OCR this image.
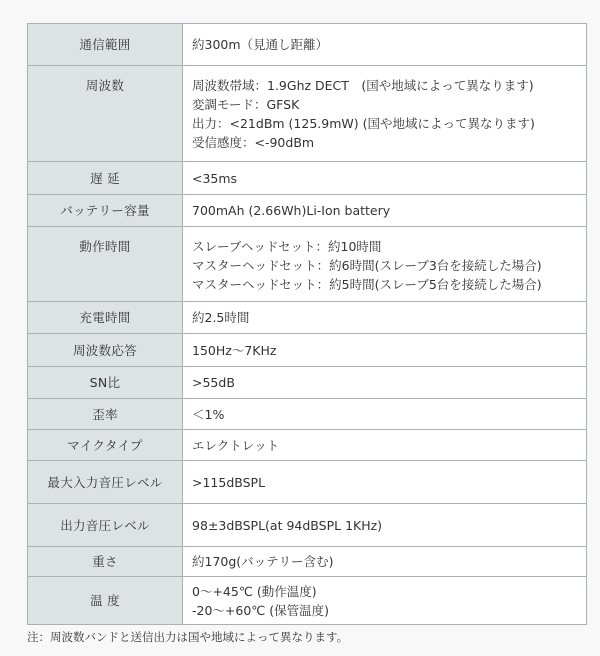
通信範囲	約300m（見通し距離）

周波数	周波数帯域：1.9Ghz DECT　(国や地域によって異なります)
変調モード：GFSK
出力：<21dBm (125.9mW) (国や地域によって異なります)
受信感度：<-90dBm

遅 延	<35ms

バッテリー容量	700mAh (2.66Wh)Li-Ion battery

動作時間	スレーブヘッドセット：約10時間
マスターヘッドセット：約6時間(スレーブ3台を接続した場合)
マスターヘッドセット：約5時間(スレーブ5台を接続した場合)

充電時間	約2.5時間

周波数応答	150Hz～7KHz

SN比	>55dB

歪率	＜1%

マイクタイプ	エレクトレット

最大入力音圧レベル	>115dBSPL

出力音圧レベル	98±3dBSPL(at 94dBSPL 1KHz)

重さ	約170g(バッテリー含む)

温 度	0～+45℃ (動作温度)
-20～+60℃ (保管温度)
注：周波数バンドと送信出力は国や地域によって異なります。
